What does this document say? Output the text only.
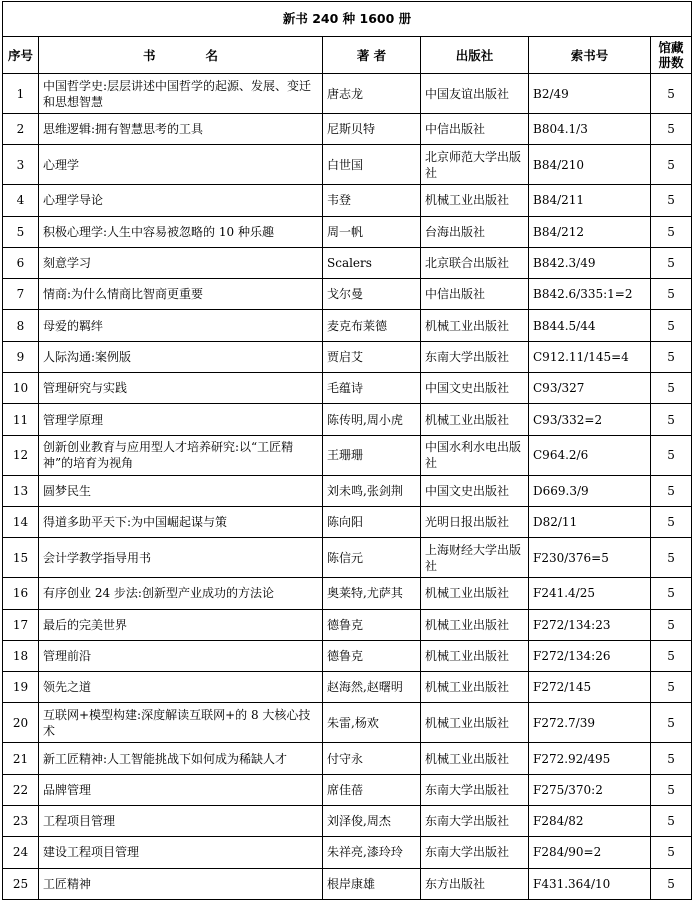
新书 240 种 1600 册					
序号	书　　　　名	著 者	出版社	索书号	馆藏册数
1	中国哲学史:层层讲述中国哲学的起源、发展、变迁和思想智慧	唐志龙	中国友谊出版社	B2/49	5
2	思维逻辑:拥有智慧思考的工具	尼斯贝特	中信出版社	B804.1/3	5
3	心理学	白世国	北京师范大学出版社	B84/210	5
4	心理学导论	韦登	机械工业出版社	B84/211	5
5	积极心理学:人生中容易被忽略的 10 种乐趣	周一帆	台海出版社	B84/212	5
6	刻意学习	Scalers	北京联合出版社	B842.3/49	5
7	情商:为什么情商比智商更重要	戈尔曼	中信出版社	B842.6/335:1=2	5
8	母爱的羁绊	麦克布莱德	机械工业出版社	B844.5/44	5
9	人际沟通:案例版	贾启艾	东南大学出版社	C912.11/145=4	5
10	管理研究与实践	毛蕴诗	中国文史出版社	C93/327	5
11	管理学原理	陈传明,周小虎	机械工业出版社	C93/332=2	5
12	创新创业教育与应用型人才培养研究:以“工匠精神”的培育为视角	王珊珊	中国水利水电出版社	C964.2/6	5
13	圆梦民生	刘未鸣,张剑荆	中国文史出版社	D669.3/9	5
14	得道多助平天下:为中国崛起谋与策	陈向阳	光明日报出版社	D82/11	5
15	会计学教学指导用书	陈信元	上海财经大学出版社	F230/376=5	5
16	有序创业 24 步法:创新型产业成功的方法论	奥莱特,尤萨其	机械工业出版社	F241.4/25	5
17	最后的完美世界	德鲁克	机械工业出版社	F272/134:23	5
18	管理前沿	德鲁克	机械工业出版社	F272/134:26	5
19	领先之道	赵海然,赵曙明	机械工业出版社	F272/145	5
20	互联网+模型构建:深度解读互联网+的 8 大核心技术	朱雷,杨欢	机械工业出版社	F272.7/39	5
21	新工匠精神:人工智能挑战下如何成为稀缺人才	付守永	机械工业出版社	F272.92/495	5
22	品牌管理	席佳蓓	东南大学出版社	F275/370:2	5
23	工程项目管理	刘泽俊,周杰	东南大学出版社	F284/82	5
24	建设工程项目管理	朱祥亮,漆玲玲	东南大学出版社	F284/90=2	5
25	工匠精神	根岸康雄	东方出版社	F431.364/10	5
